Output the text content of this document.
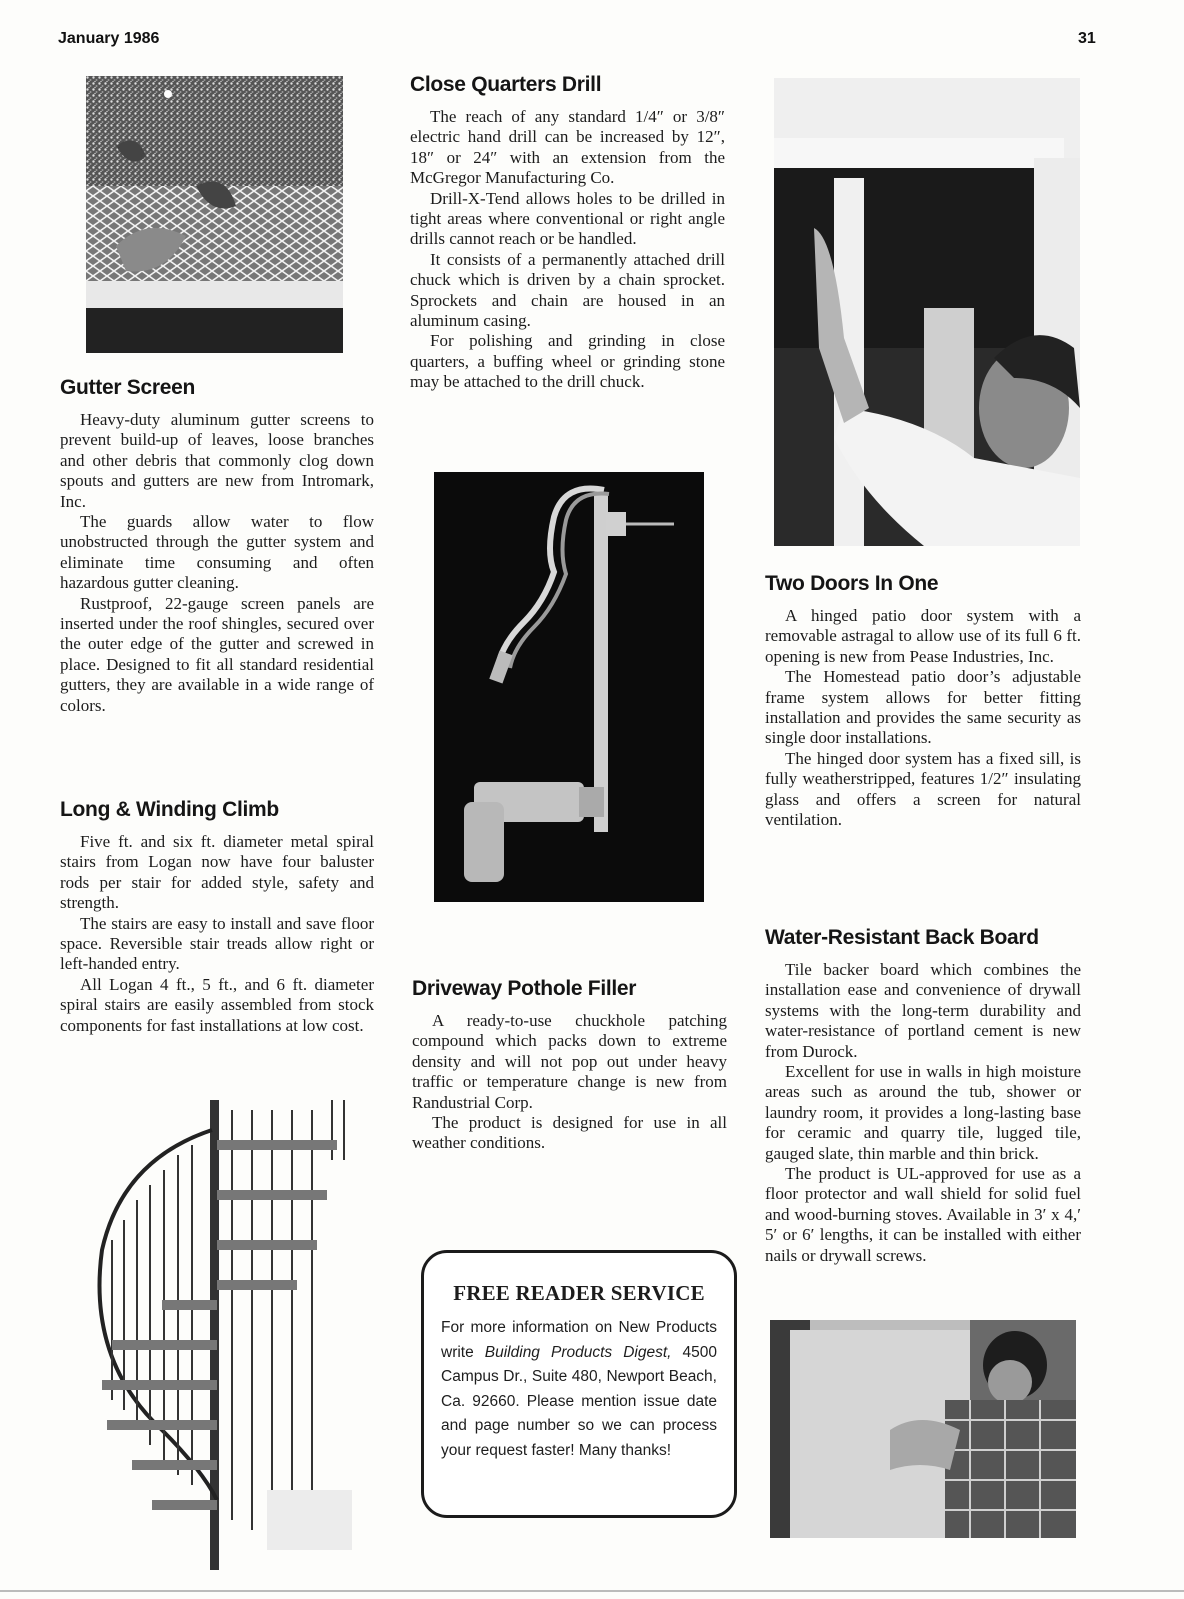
January 1986	31
Gutter Screen

Heavy-duty aluminum gutter screens to prevent build-up of leaves, loose branches and other debris that commonly clog down spouts and gutters are new from Intromark, Inc.

The guards allow water to flow unobstructed through the gutter system and eliminate time consuming and often hazardous gutter cleaning.

Rustproof, 22-gauge screen panels are inserted under the roof shingles, secured over the outer edge of the gutter and screwed in place. Designed to fit all standard residential gutters, they are available in a wide range of colors.

Long & Winding Climb

Five ft. and six ft. diameter metal spiral stairs from Logan now have four baluster rods per stair for added style, safety and strength.

The stairs are easy to install and save floor space. Reversible stair treads allow right or left-handed entry.

All Logan 4 ft., 5 ft., and 6 ft. diameter spiral stairs are easily assembled from stock components for fast installations at low cost.

Close Quarters Drill

The reach of any standard 1/4″ or 3/8″ electric hand drill can be increased by 12″, 18″ or 24″ with an extension from the McGregor Manufacturing Co.

Drill-X-Tend allows holes to be drilled in tight areas where conventional or right angle drills cannot reach or be handled.

It consists of a permanently attached drill chuck which is driven by a chain sprocket. Sprockets and chain are housed in an aluminum casing.

For polishing and grinding in close quarters, a buffing wheel or grinding stone may be attached to the drill chuck.

Driveway Pothole Filler

A ready-to-use chuckhole patching compound which packs down to extreme density and will not pop out under heavy traffic or temperature change is new from Randustrial Corp.

The product is designed for use in all weather conditions.

FREE READER SERVICE
For more information on New Products write Building Products Digest, 4500 Campus Dr., Suite 480, Newport Beach, Ca. 92660. Please mention issue date and page number so we can process your request faster! Many thanks!
Two Doors In One

A hinged patio door system with a removable astragal to allow use of its full 6 ft. opening is new from Pease Industries, Inc.

The Homestead patio door’s adjustable frame system allows for better fitting installation and provides the same security as single door installations.

The hinged door system has a fixed sill, is fully weatherstripped, features 1/2″ insulating glass and offers a screen for natural ventilation.

Water-Resistant Back Board

Tile backer board which combines the installation ease and convenience of drywall systems with the long-term durability and water-resistance of portland cement is new from Durock.

Excellent for use in walls in high moisture areas such as around the tub, shower or laundry room, it provides a long-lasting base for ceramic and quarry tile, lugged tile, gauged slate, thin marble and thin brick.

The product is UL-approved for use as a floor protector and wall shield for solid fuel and wood-burning stoves. Available in 3′ x 4,′ 5′ or 6′ lengths, it can be installed with either nails or drywall screws.
